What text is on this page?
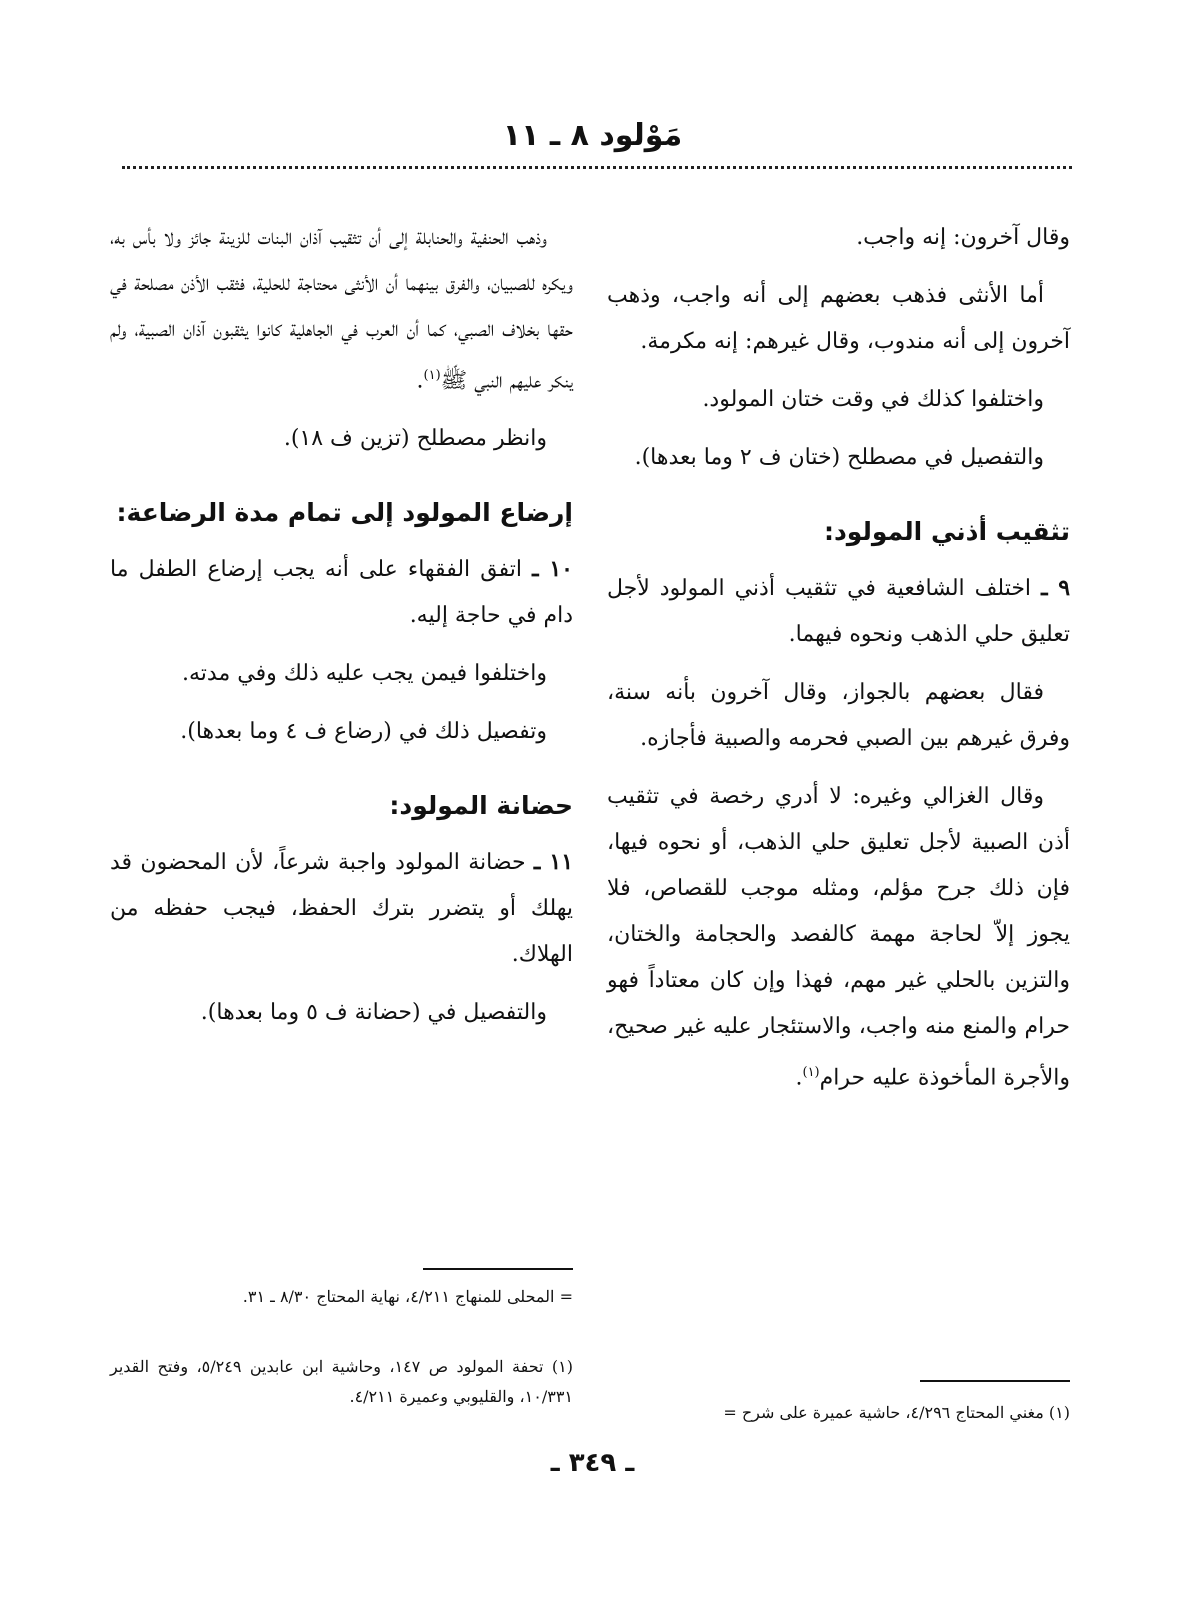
مَوْلود ٨ ـ ١١

وقال آخرون: إنه واجب.

أما الأنثى فذهب بعضهم إلى أنه واجب، وذهب آخرون إلى أنه مندوب، وقال غيرهم: إنه مكرمة.

واختلفوا كذلك في وقت ختان المولود.

والتفصيل في مصطلح (ختان ف ٢ وما بعدها).

تثقيب أذني المولود:

٩ ـ اختلف الشافعية في تثقيب أذني المولود لأجل تعليق حلي الذهب ونحوه فيهما.

فقال بعضهم بالجواز، وقال آخرون بأنه سنة، وفرق غيرهم بين الصبي فحرمه والصبية فأجازه.

وقال الغزالي وغيره: لا أدري رخصة في تثقيب أذن الصبية لأجل تعليق حلي الذهب، أو نحوه فيها، فإن ذلك جرح مؤلم، ومثله موجب للقصاص، فلا يجوز إلاّ لحاجة مهمة كالفصد والحجامة والختان، والتزين بالحلي غير مهم، فهذا وإن كان معتاداً فهو حرام والمنع منه واجب، والاستئجار عليه غير صحيح، والأجرة المأخوذة عليه حرام$^{(١)}$.

وذهب الحنفية والحنابلة إلى أن تثقيب آذان البنات للزينة جائز ولا بأس به، ويكره للصبيان، والفرق بينهما أن الأنثى محتاجة للحلية، فثقب الأذن مصلحة في حقها بخلاف الصبي، كما أن العرب في الجاهلية كانوا يثقبون آذان الصبية، ولم ينكر عليهم النبي ﷺ$^{(١)}$.

وانظر مصطلح (تزين ف ١٨).

إرضاع المولود إلى تمام مدة الرضاعة:

١٠ ـ اتفق الفقهاء على أنه يجب إرضاع الطفل ما دام في حاجة إليه.

واختلفوا فيمن يجب عليه ذلك وفي مدته.

وتفصيل ذلك في (رضاع ف ٤ وما بعدها).

حضانة المولود:

١١ ـ حضانة المولود واجبة شرعاً، لأن المحضون قد يهلك أو يتضرر بترك الحفظ، فيجب حفظه من الهلاك.

والتفصيل في (حضانة ف ٥ وما بعدها).

(١) مغني المحتاج ٤/٢٩٦، حاشية عميرة على شرح =
= المحلى للمنهاج ٤/٢١١، نهاية المحتاج ٨/٣٠ ـ ٣١.
(١) تحفة المولود ص ١٤٧، وحاشية ابن عابدين ٥/٢٤٩، وفتح القدير ١٠/٣٣١، والقليوبي وعميرة ٤/٢١١.
ـ ٣٤٩ ـ
